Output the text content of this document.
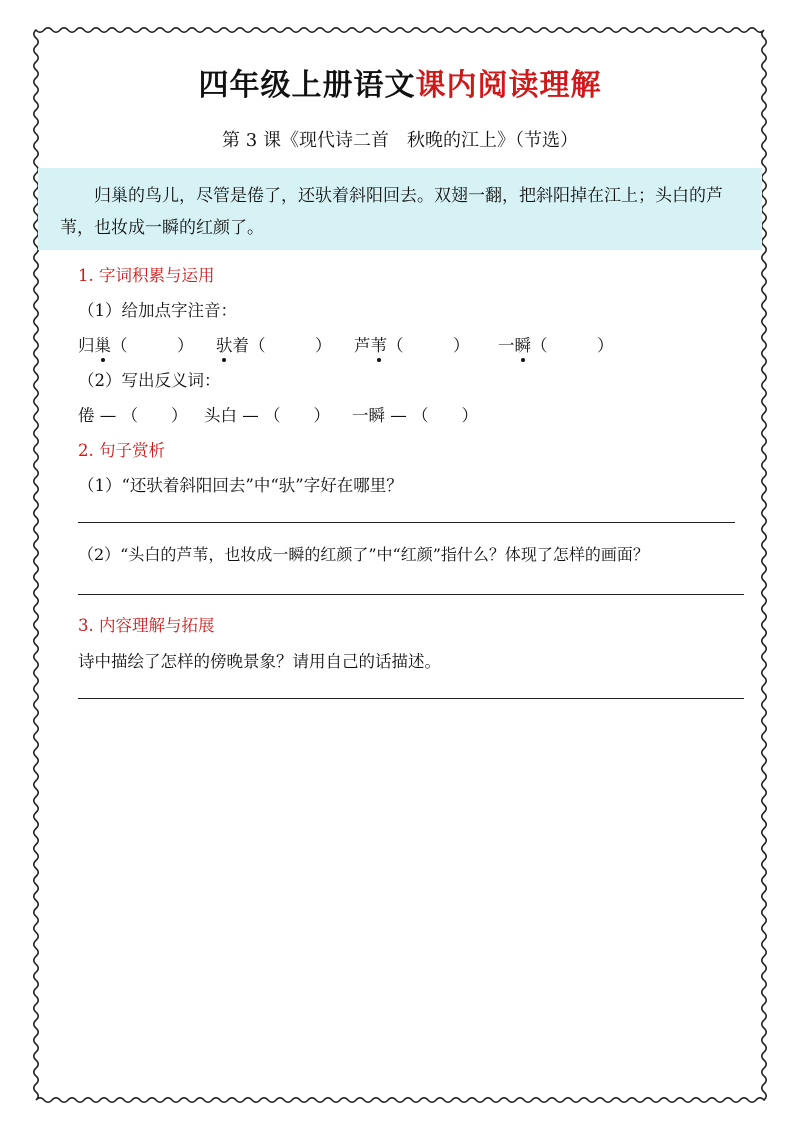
四年级上册语文课内阅读理解

第 3 课《现代诗二首　秋晚的江上》（节选）

归巢的鸟儿，尽管是倦了，还驮着斜阳回去。双翅一翻，把斜阳掉在江上；头白的芦苇，也妆成一瞬的红颜了。
1. 字词积累与运用
（1）给加点字注音：
归巢（　　　） 驮着（　　　） 芦苇（　　　） 一瞬（　　　）
（2）写出反义词：
倦 — （　　） 头白 — （　　） 一瞬 — （　　）
2. 句子赏析
（1）“还驮着斜阳回去”中“驮”字好在哪里？
（2）“头白的芦苇，也妆成一瞬的红颜了”中“红颜”指什么？体现了怎样的画面？
3. 内容理解与拓展
诗中描绘了怎样的傍晚景象？请用自己的话描述。
